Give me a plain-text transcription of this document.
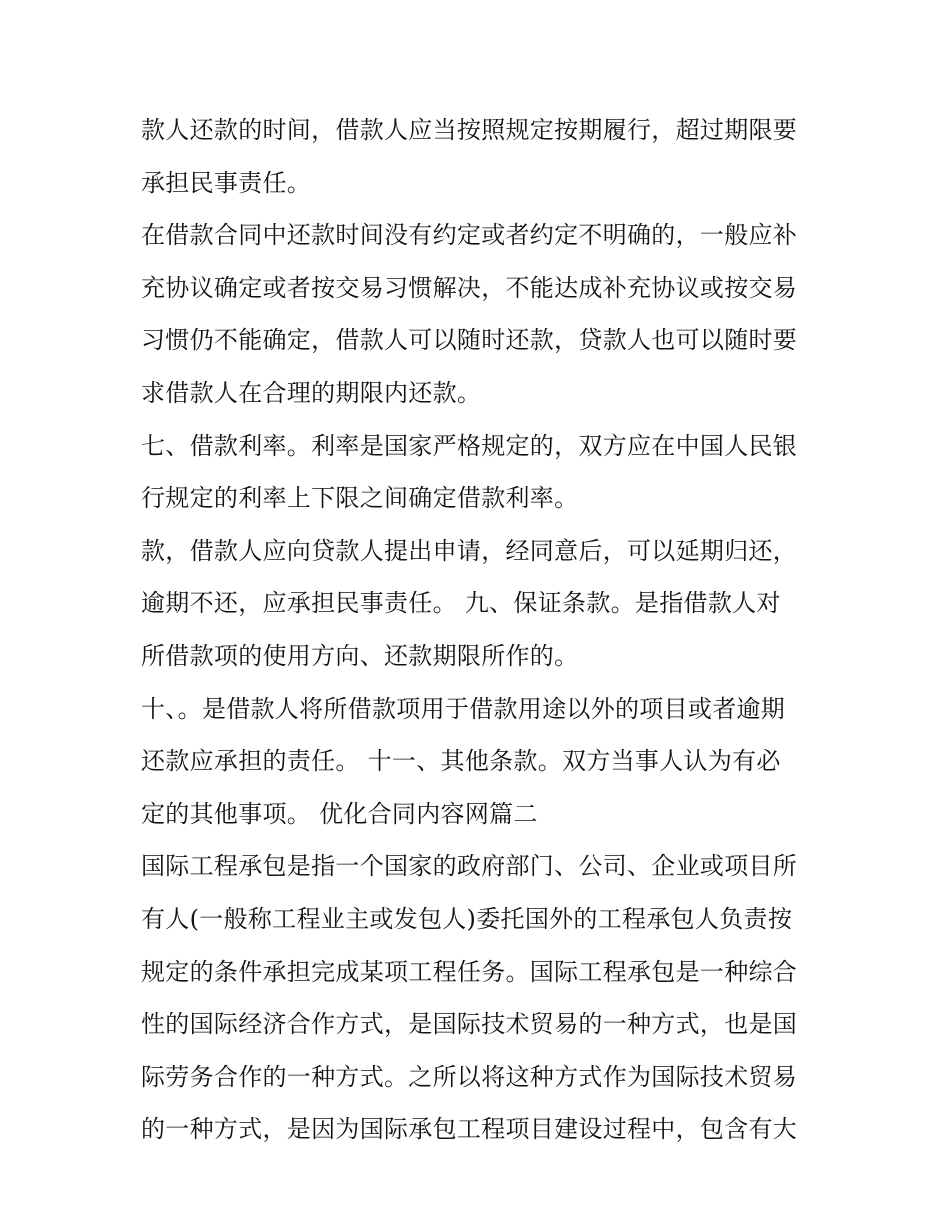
款人还款的时间，借款人应当按照规定按期履行，超过期限要
承担民事责任。
在借款合同中还款时间没有约定或者约定不明确的，一般应补
充协议确定或者按交易习惯解决，不能达成补充协议或按交易
习惯仍不能确定，借款人可以随时还款，贷款人也可以随时要
求借款人在合理的期限内还款。
七、借款利率。利率是国家严格规定的，双方应在中国人民银
行规定的利率上下限之间确定借款利率。
款，借款人应向贷款人提出申请，经同意后，可以延期归还，
逾期不还，应承担民事责任。 九、保证条款。是指借款人对
所借款项的使用方向、还款期限所作的。
十、。是借款人将所借款项用于借款用途以外的项目或者逾期
还款应承担的责任。 十一、其他条款。双方当事人认为有必
定的其他事项。 优化合同内容网篇二
国际工程承包是指一个国家的政府部门、公司、企业或项目所
有人(一般称工程业主或发包人)委托国外的工程承包人负责按
规定的条件承担完成某项工程任务。国际工程承包是一种综合
性的国际经济合作方式，是国际技术贸易的一种方式，也是国
际劳务合作的一种方式。之所以将这种方式作为国际技术贸易
的一种方式，是因为国际承包工程项目建设过程中，包含有大
